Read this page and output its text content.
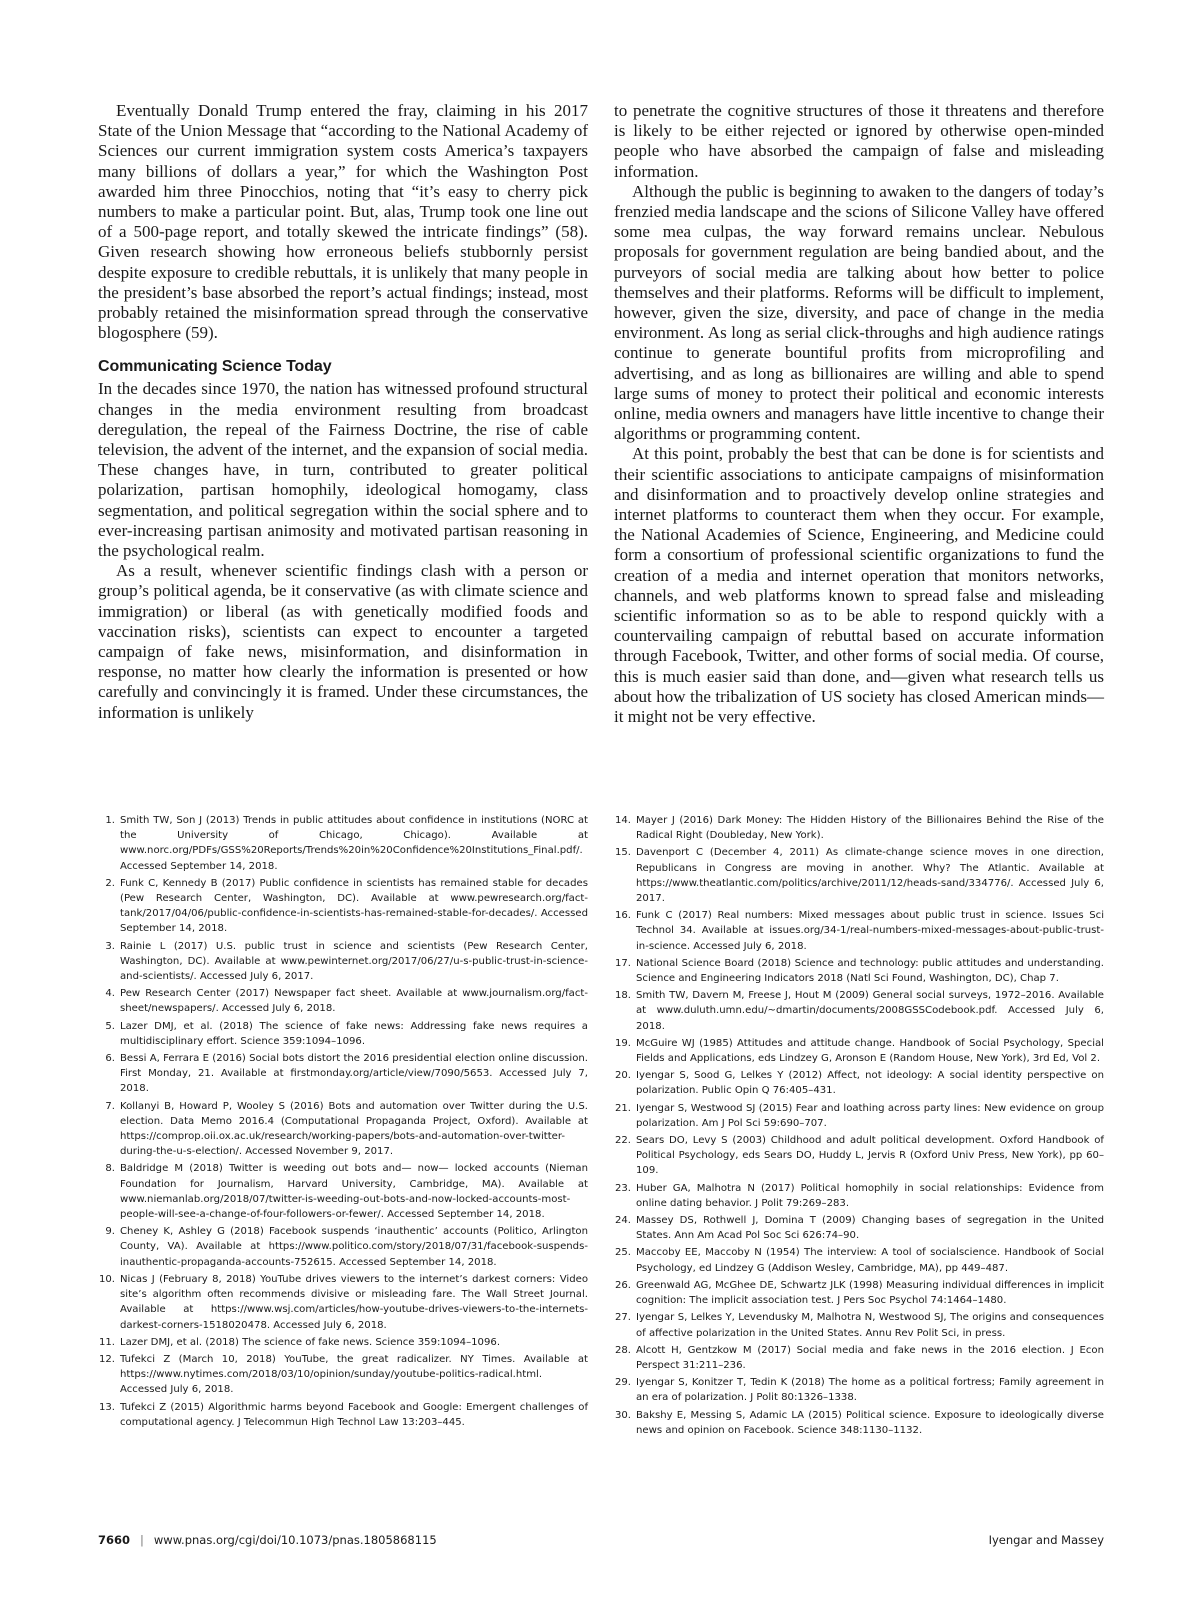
Eventually Donald Trump entered the fray, claiming in his 2017 State of the Union Message that “according to the National Academy of Sciences our current immigration system costs America’s taxpayers many billions of dollars a year,” for which the Washington Post awarded him three Pinocchios, noting that “it’s easy to cherry pick numbers to make a particular point. But, alas, Trump took one line out of a 500-page report, and totally skewed the intricate findings” (58). Given research showing how erroneous beliefs stubbornly persist despite exposure to credible rebuttals, it is unlikely that many people in the president’s base absorbed the report’s actual findings; instead, most probably retained the misinformation spread through the conservative blogosphere (59).

Communicating Science Today

In the decades since 1970, the nation has witnessed profound structural changes in the media environment resulting from broadcast deregulation, the repeal of the Fairness Doctrine, the rise of cable television, the advent of the internet, and the expansion of social media. These changes have, in turn, contributed to greater political polarization, partisan homophily, ideological homogamy, class segmentation, and political segregation within the social sphere and to ever-increasing partisan animosity and motivated partisan reasoning in the psychological realm.

As a result, whenever scientific findings clash with a person or group’s political agenda, be it conservative (as with climate science and immigration) or liberal (as with genetically modified foods and vaccination risks), scientists can expect to encounter a targeted campaign of fake news, misinformation, and disinformation in response, no matter how clearly the information is presented or how carefully and convincingly it is framed. Under these circumstances, the information is unlikely

to penetrate the cognitive structures of those it threatens and therefore is likely to be either rejected or ignored by otherwise open-minded people who have absorbed the campaign of false and misleading information.

Although the public is beginning to awaken to the dangers of today’s frenzied media landscape and the scions of Silicone Valley have offered some mea culpas, the way forward remains unclear. Nebulous proposals for government regulation are being bandied about, and the purveyors of social media are talking about how better to police themselves and their platforms. Reforms will be difficult to implement, however, given the size, diversity, and pace of change in the media environment. As long as serial click-throughs and high audience ratings continue to generate bountiful profits from microprofiling and advertising, and as long as billionaires are willing and able to spend large sums of money to protect their political and economic interests online, media owners and managers have little incentive to change their algorithms or programming content.

At this point, probably the best that can be done is for scientists and their scientific associations to anticipate campaigns of misinformation and disinformation and to proactively develop online strategies and internet platforms to counteract them when they occur. For example, the National Academies of Science, Engineering, and Medicine could form a consortium of professional scientific organizations to fund the creation of a media and internet operation that monitors networks, channels, and web platforms known to spread false and misleading scientific information so as to be able to respond quickly with a countervailing campaign of rebuttal based on accurate information through Facebook, Twitter, and other forms of social media. Of course, this is much easier said than done, and—given what research tells us about how the tribalization of US society has closed American minds—it might not be very effective.

1. Smith TW, Son J (2013) Trends in public attitudes about confidence in institutions (NORC at the University of Chicago, Chicago). Available at www.norc.org/PDFs/GSS%20Reports/Trends%20in%20Confidence%20Institutions_Final.pdf/. Accessed September 14, 2018.
2. Funk C, Kennedy B (2017) Public confidence in scientists has remained stable for decades (Pew Research Center, Washington, DC). Available at www.pewresearch.org/fact-tank/2017/04/06/public-confidence-in-scientists-has-remained-stable-for-decades/. Accessed September 14, 2018.
3. Rainie L (2017) U.S. public trust in science and scientists (Pew Research Center, Washington, DC). Available at www.pewinternet.org/2017/06/27/u-s-public-trust-in-science-and-scientists/. Accessed July 6, 2017.
4. Pew Research Center (2017) Newspaper fact sheet. Available at www.journalism.org/fact-sheet/newspapers/. Accessed July 6, 2018.
5. Lazer DMJ, et al. (2018) The science of fake news: Addressing fake news requires a multidisciplinary effort. Science 359:1094–1096.
6. Bessi A, Ferrara E (2016) Social bots distort the 2016 presidential election online discussion. First Monday, 21. Available at firstmonday.org/article/view/7090/5653. Accessed July 7, 2018.
7. Kollanyi B, Howard P, Wooley S (2016) Bots and automation over Twitter during the U.S. election. Data Memo 2016.4 (Computational Propaganda Project, Oxford). Available at https://comprop.oii.ox.ac.uk/research/working-papers/bots-and-automation-over-twitter-during-the-u-s-election/. Accessed November 9, 2017.
8. Baldridge M (2018) Twitter is weeding out bots and— now— locked accounts (Nieman Foundation for Journalism, Harvard University, Cambridge, MA). Available at www.niemanlab.org/2018/07/twitter-is-weeding-out-bots-and-now-locked-accounts-most-people-will-see-a-change-of-four-followers-or-fewer/. Accessed September 14, 2018.
9. Cheney K, Ashley G (2018) Facebook suspends ‘inauthentic’ accounts (Politico, Arlington County, VA). Available at https://www.politico.com/story/2018/07/31/facebook-suspends-inauthentic-propaganda-accounts-752615. Accessed September 14, 2018.
10. Nicas J (February 8, 2018) YouTube drives viewers to the internet’s darkest corners: Video site’s algorithm often recommends divisive or misleading fare. The Wall Street Journal. Available at https://www.wsj.com/articles/how-youtube-drives-viewers-to-the-internets-darkest-corners-1518020478. Accessed July 6, 2018.
11. Lazer DMJ, et al. (2018) The science of fake news. Science 359:1094–1096.
12. Tufekci Z (March 10, 2018) YouTube, the great radicalizer. NY Times. Available at https://www.nytimes.com/2018/03/10/opinion/sunday/youtube-politics-radical.html. Accessed July 6, 2018.
13. Tufekci Z (2015) Algorithmic harms beyond Facebook and Google: Emergent challenges of computational agency. J Telecommun High Technol Law 13:203–445.
14. Mayer J (2016) Dark Money: The Hidden History of the Billionaires Behind the Rise of the Radical Right (Doubleday, New York).
15. Davenport C (December 4, 2011) As climate-change science moves in one direction, Republicans in Congress are moving in another. Why? The Atlantic. Available at https://www.theatlantic.com/politics/archive/2011/12/heads-sand/334776/. Accessed July 6, 2017.
16. Funk C (2017) Real numbers: Mixed messages about public trust in science. Issues Sci Technol 34. Available at issues.org/34-1/real-numbers-mixed-messages-about-public-trust-in-science. Accessed July 6, 2018.
17. National Science Board (2018) Science and technology: public attitudes and understanding. Science and Engineering Indicators 2018 (Natl Sci Found, Washington, DC), Chap 7.
18. Smith TW, Davern M, Freese J, Hout M (2009) General social surveys, 1972–2016. Available at www.duluth.umn.edu/~dmartin/documents/2008GSSCodebook.pdf. Accessed July 6, 2018.
19. McGuire WJ (1985) Attitudes and attitude change. Handbook of Social Psychology, Special Fields and Applications, eds Lindzey G, Aronson E (Random House, New York), 3rd Ed, Vol 2.
20. Iyengar S, Sood G, Lelkes Y (2012) Affect, not ideology: A social identity perspective on polarization. Public Opin Q 76:405–431.
21. Iyengar S, Westwood SJ (2015) Fear and loathing across party lines: New evidence on group polarization. Am J Pol Sci 59:690–707.
22. Sears DO, Levy S (2003) Childhood and adult political development. Oxford Handbook of Political Psychology, eds Sears DO, Huddy L, Jervis R (Oxford Univ Press, New York), pp 60–109.
23. Huber GA, Malhotra N (2017) Political homophily in social relationships: Evidence from online dating behavior. J Polit 79:269–283.
24. Massey DS, Rothwell J, Domina T (2009) Changing bases of segregation in the United States. Ann Am Acad Pol Soc Sci 626:74–90.
25. Maccoby EE, Maccoby N (1954) The interview: A tool of socialscience. Handbook of Social Psychology, ed Lindzey G (Addison Wesley, Cambridge, MA), pp 449–487.
26. Greenwald AG, McGhee DE, Schwartz JLK (1998) Measuring individual differences in implicit cognition: The implicit association test. J Pers Soc Psychol 74:1464–1480.
27. Iyengar S, Lelkes Y, Levendusky M, Malhotra N, Westwood SJ, The origins and consequences of affective polarization in the United States. Annu Rev Polit Sci, in press.
28. Alcott H, Gentzkow M (2017) Social media and fake news in the 2016 election. J Econ Perspect 31:211–236.
29. Iyengar S, Konitzer T, Tedin K (2018) The home as a political fortress; Family agreement in an era of polarization. J Polit 80:1326–1338.
30. Bakshy E, Messing S, Adamic LA (2015) Political science. Exposure to ideologically diverse news and opinion on Facebook. Science 348:1130–1132.
7660 | www.pnas.org/cgi/doi/10.1073/pnas.1805868115	Iyengar and Massey
